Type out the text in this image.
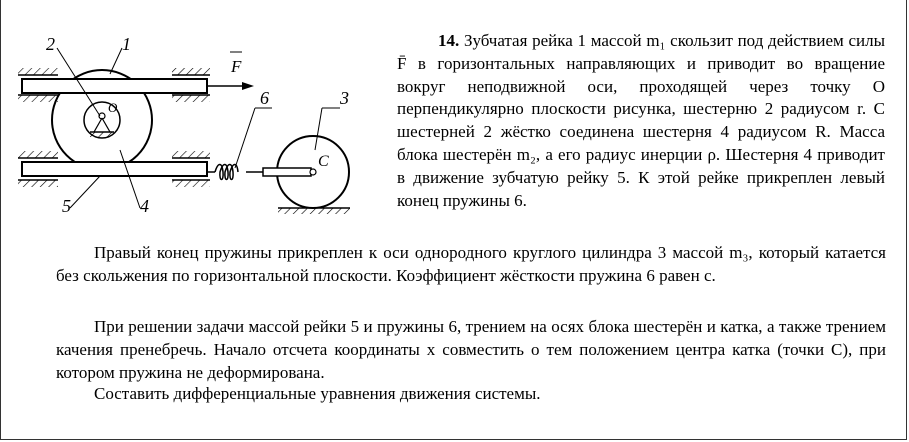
F
2	1
6	3
O
C
5	4
14. Зубчатая рейка 1 массой m₁ скользит под действием силы F̄ в горизонтальных направляющих и приводит во вращение вокруг неподвижной оси, проходящей через точку O перпендикулярно плоскости рисунка, шестерню 2 радиусом r. С шестерней 2 жёстко соединена шестерня 4 радиусом R. Масса блока шестерён m₂, а его радиус инерции ρ. Шестерня 4 приводит в движение зубчатую рейку 5. К этой рейке прикреплен левый конец пружины 6.
Правый конец пружины прикреплен к оси однородного круглого цилиндра 3 массой m₃, который катается без скольжения по горизонтальной плоскости. Коэффициент жёсткости пружина 6 равен c.
При решении задачи массой рейки 5 и пружины 6, трением на осях блока шестерён и катка, а также трением качения пренебречь. Начало отсчета координаты x совместить о тем положением центра катка (точки C), при котором пружина не деформирована.
Составить дифференциальные уравнения движения системы.
